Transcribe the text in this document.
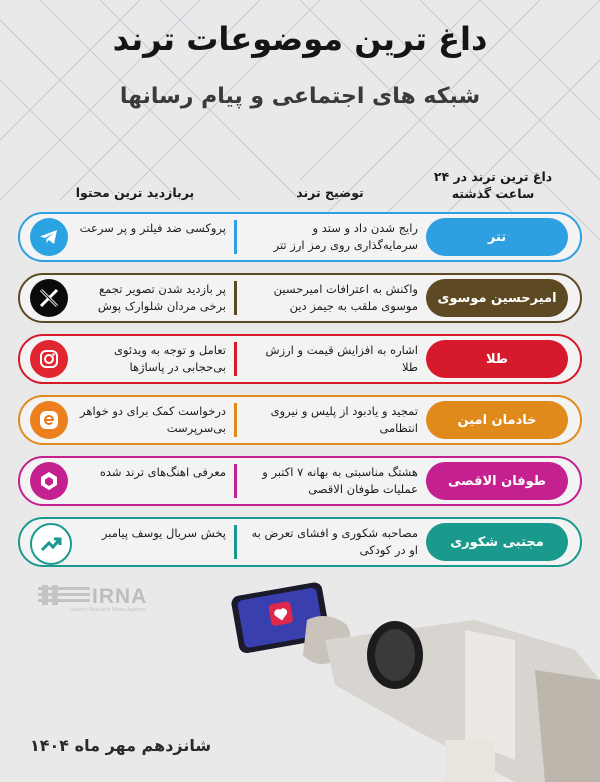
داغ ترین موضوعات ترند
شبکه های اجتماعی و پیام رسانها
داغ ترین ترند در ۲۴ ساعت گذشته
توضیح ترند
پربازدید ترین محتوا
تتر
رایج شدن داد و ستد و سرمایه‌گذاری روی رمز ارز تتر
پروکسی ضد فیلتر و پر سرعت
امیرحسین موسوی
واکنش به اعترافات امیرحسین موسوی ملقب به جیمز دین
پر بازدید شدن تصویر تجمع برخی مردان شلوارک پوش
طلا
اشاره به افزایش قیمت و ارزش طلا
تعامل و توجه به ویدئوی بی‌حجابی در پاساژها
خادمان امین
تمجید و یادبود از پلیس و نیروی انتظامی
درخواست کمک برای دو خواهر بی‌سرپرست
طوفان الاقصی
هشتگ مناسبتی به بهانه ۷ اکتبر و عملیات طوفان الاقصی
معرفی اهنگ‌های ترند شده
مجتبی شکوری
مصاحبه شکوری و افشای تعرض به او در کودکی
پخش سریال یوسف پیامبر
IRNA
Islamic Republic News Agency
شانزدهم مهر ماه ۱۴۰۴
